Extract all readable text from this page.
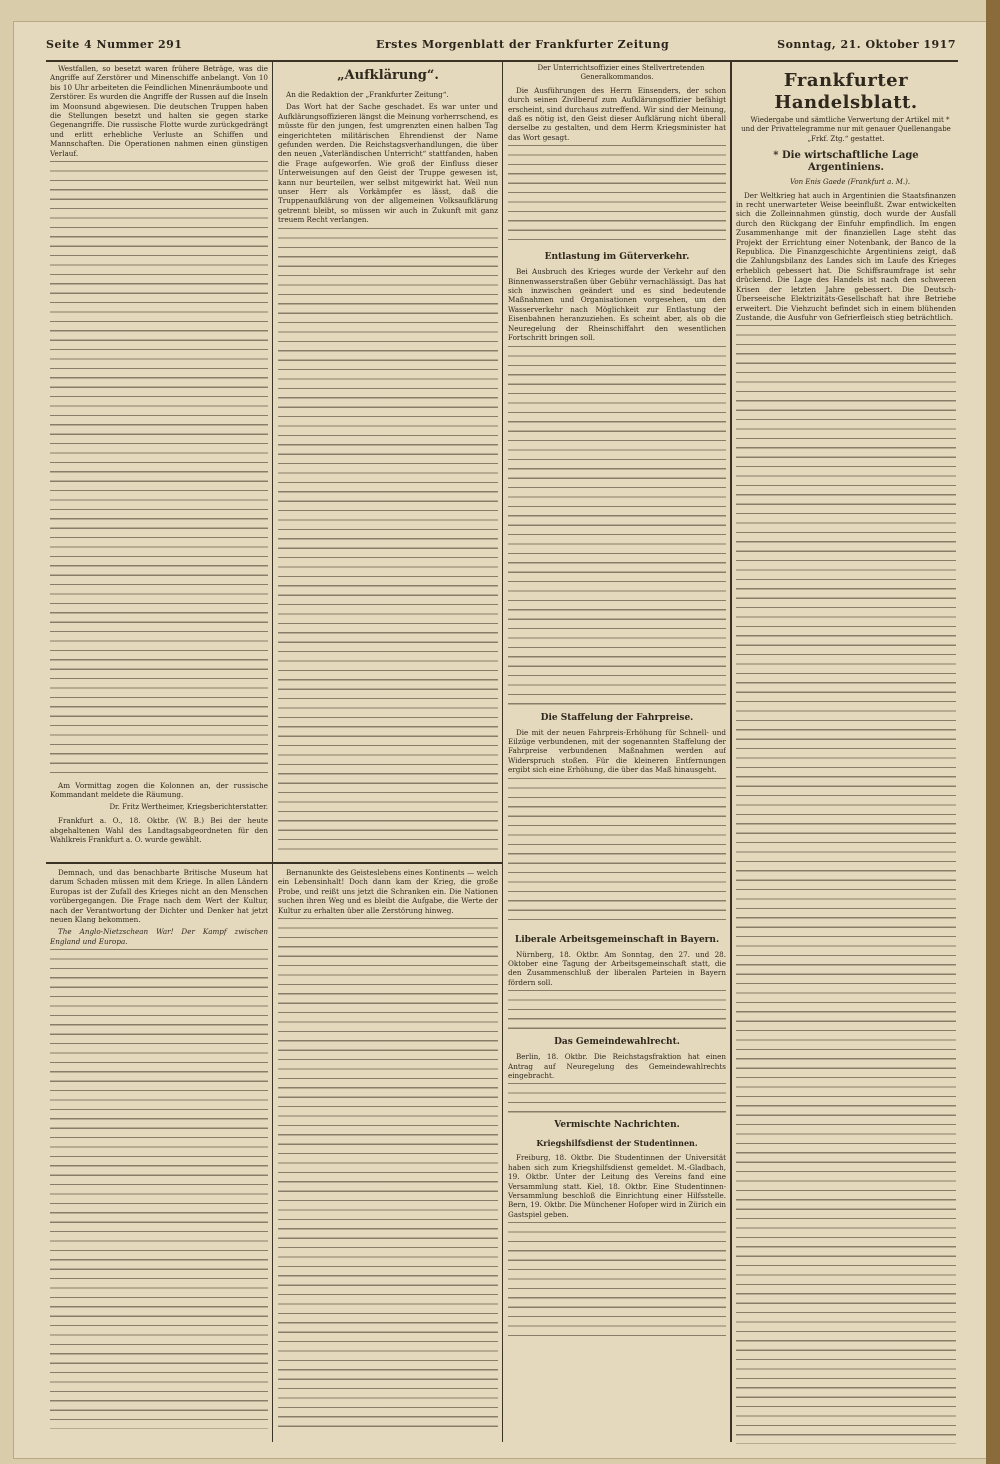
Seite 4 Nummer 291	Erstes Morgenblatt der Frankfurter Zeitung	Sonntag, 21. Oktober 1917

Westfallen, so besetzt waren frühere Beträge, was die Angriffe auf Zerstörer und Minenschiffe anbelangt. Von 10 bis 10 Uhr arbeiteten die Feindlichen Minenräumboote und Zerstörer. Es wurden die Angriffe der Russen auf die Inseln im Moonsund abgewiesen. Die deutschen Truppen haben die Stellungen besetzt und halten sie gegen starke Gegenangriffe. Die russische Flotte wurde zurückgedrängt und erlitt erhebliche Verluste an Schiffen und Mannschaften. Die Operationen nahmen einen günstigen Verlauf.

Am Vormittag zogen die Kolonnen an, der russische Kommandant meldete die Räumung.

Dr. Fritz Wertheimer, Kriegsberichterstatter.

Frankfurt a. O., 18. Oktbr. (W. B.) Bei der heute abgehaltenen Wahl des Landtagsabgeordneten für den Wahlkreis Frankfurt a. O. wurde gewählt.

„Aufklärung“.

An die Redaktion der „Frankfurter Zeitung“.

Das Wort hat der Sache geschadet. Es war unter und Aufklärungsoffizieren längst die Meinung vorherrschend, es müsste für den jungen, fest umgrenzten einen halben Tag eingerichteten militärischen Ehrendienst der Name gefunden werden. Die Reichstagsverhandlungen, die über den neuen „Vaterländischen Unterricht“ stattfanden, haben die Frage aufgeworfen. Wie groß der Einfluss dieser Unterweisungen auf den Geist der Truppe gewesen ist, kann nur beurteilen, wer selbst mitgewirkt hat. Weil nun unser Herr als Vorkämpfer es lässt, daß die Truppenaufklärung von der allgemeinen Volksaufklärung getrennt bleibt, so müssen wir auch in Zukunft mit ganz treuem Recht verlangen.

Der Unterrichtsoffizier eines Stellvertretenden Generalkommandos.

Die Ausführungen des Herrn Einsenders, der schon durch seinen Zivilberuf zum Aufklärungsoffizier befähigt erscheint, sind durchaus zutreffend. Wir sind der Meinung, daß es nötig ist, den Geist dieser Aufklärung nicht überall derselbe zu gestalten, und dem Herrn Kriegsminister hat das Wort gesagt.

Entlastung im Güterverkehr.

Bei Ausbruch des Krieges wurde der Verkehr auf den Binnenwasserstraßen über Gebühr vernachlässigt. Das hat sich inzwischen geändert und es sind bedeutende Maßnahmen und Organisationen vorgesehen, um den Wasserverkehr nach Möglichkeit zur Entlastung der Eisenbahnen heranzuziehen. Es scheint aber, als ob die Neuregelung der Rheinschiffahrt den wesentlichen Fortschritt bringen soll.

Die Staffelung der Fahrpreise.

Die mit der neuen Fahrpreis-Erhöhung für Schnell- und Eilzüge verbundenen, mit der sogenannten Staffelung der Fahrpreise verbundenen Maßnahmen werden auf Widerspruch stoßen. Für die kleineren Entfernungen ergibt sich eine Erhöhung, die über das Maß hinausgeht.

Liberale Arbeitsgemeinschaft in Bayern.

Nürnberg, 18. Oktbr. Am Sonntag, den 27. und 28. Oktober eine Tagung der Arbeitsgemeinschaft statt, die den Zusammenschluß der liberalen Parteien in Bayern fördern soll.

Das Gemeindewahlrecht.

Berlin, 18. Oktbr. Die Reichstagsfraktion hat einen Antrag auf Neuregelung des Gemeindewahlrechts eingebracht.

Vermischte Nachrichten.
Kriegshilfsdienst der Studentinnen.

Freiburg, 18. Oktbr. Die Studentinnen der Universität haben sich zum Kriegshilfsdienst gemeldet. M.-Gladbach, 19. Oktbr. Unter der Leitung des Vereins fand eine Versammlung statt. Kiel, 18. Oktbr. Eine Studentinnen-Versammlung beschloß die Einrichtung einer Hilfsstelle. Bern, 19. Oktbr. Die Münchener Hofoper wird in Zürich ein Gastspiel geben.

Frankfurter Handelsblatt.

Wiedergabe und sämtliche Verwertung der Artikel mit * und der Privattelegramme nur mit genauer Quellenangabe „Frkf. Ztg.“ gestattet.

* Die wirtschaftliche Lage Argentiniens.

Von Enis Gaede (Frankfurt a. M.).

Der Weltkrieg hat auch in Argentinien die Staatsfinanzen in recht unerwarteter Weise beeinflußt. Zwar entwickelten sich die Zolleinnahmen günstig, doch wurde der Ausfall durch den Rückgang der Einfuhr empfindlich. Im engen Zusammenhange mit der finanziellen Lage steht das Projekt der Errichtung einer Notenbank, der Banco de la Republica. Die Finanzgeschichte Argentiniens zeigt, daß die Zahlungsbilanz des Landes sich im Laufe des Krieges erheblich gebessert hat. Die Schiffsraumfrage ist sehr drückend. Die Lage des Handels ist nach den schweren Krisen der letzten Jahre gebessert. Die Deutsch-Überseeische Elektrizitäts-Gesellschaft hat ihre Betriebe erweitert. Die Viehzucht befindet sich in einem blühenden Zustande, die Ausfuhr von Gefrierfleisch stieg beträchtlich.

Demnach, und das benachbarte Britische Museum hat darum Schaden müssen mit dem Kriege. In allen Ländern Europas ist der Zufall des Krieges nicht an den Menschen vorübergegangen. Die Frage nach dem Wert der Kultur, nach der Verantwortung der Dichter und Denker hat jetzt neuen Klang bekommen.

The Anglo-Nietzschean War! Der Kampf zwischen England und Europa.

Bernanunkte des Geisteslebens eines Kontinents — welch ein Lebensinhalt! Doch dann kam der Krieg, die große Probe, und reißt uns jetzt die Schranken ein. Die Nationen suchen ihren Weg und es bleibt die Aufgabe, die Werte der Kultur zu erhalten über alle Zerstörung hinweg.
